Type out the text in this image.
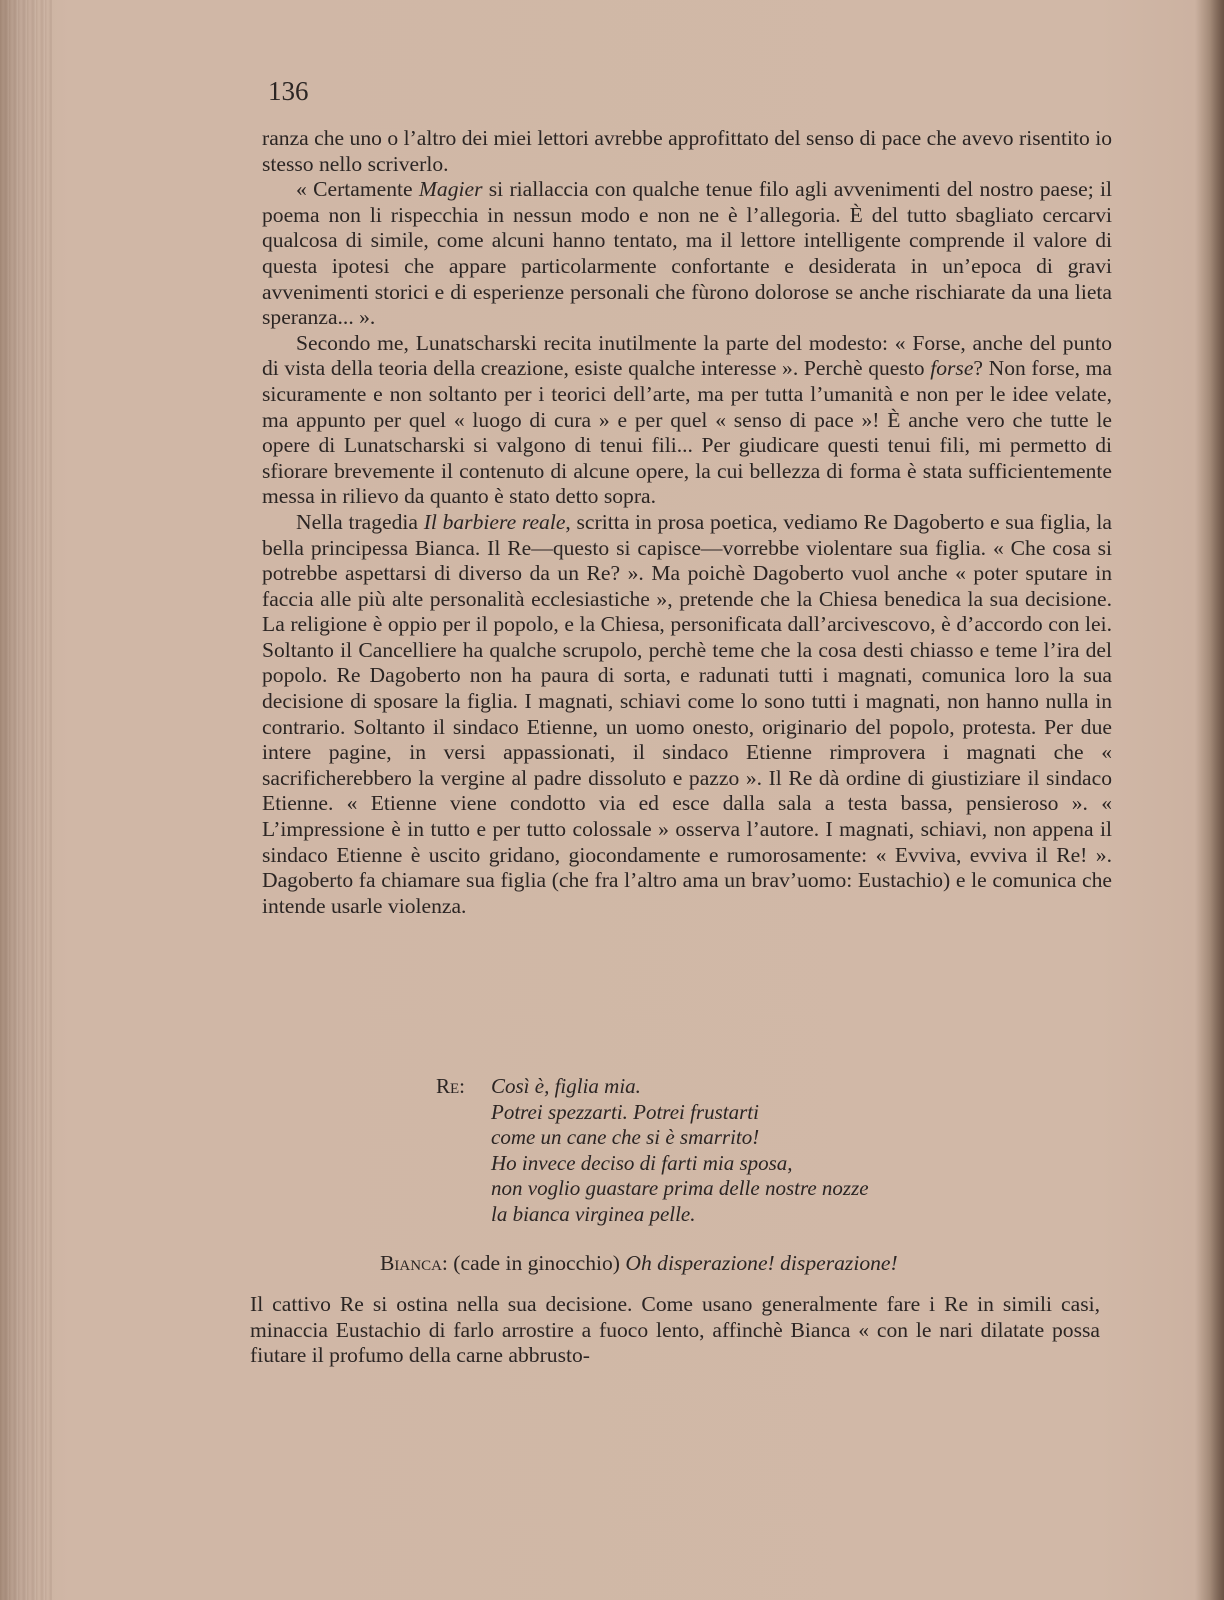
136

ranza che uno o l’altro dei miei lettori avrebbe approfittato del senso di pace che avevo risentito io stesso nello scriverlo.

« Certamente Magier si riallaccia con qualche tenue filo agli avvenimenti del nostro paese; il poema non li rispecchia in nessun modo e non ne è l’allegoria. È del tutto sbagliato cercarvi qualcosa di simile, come alcuni hanno tentato, ma il lettore intelligente comprende il valore di questa ipotesi che appare particolarmente confortante e desiderata in un’epoca di gravi avvenimenti storici e di esperienze personali che fùrono dolorose se anche rischiarate da una lieta speranza... ».

Secondo me, Lunatscharski recita inutilmente la parte del modesto: « Forse, anche del punto di vista della teoria della creazione, esiste qualche interesse ». Perchè questo forse? Non forse, ma sicuramente e non soltanto per i teorici dell’arte, ma per tutta l’umanità e non per le idee velate, ma appunto per quel « luogo di cura » e per quel « senso di pace »! È anche vero che tutte le opere di Lunatscharski si valgono di tenui fili... Per giudicare questi tenui fili, mi permetto di sfiorare brevemente il contenuto di alcune opere, la cui bellezza di forma è stata sufficientemente messa in rilievo da quanto è stato detto sopra.

Nella tragedia Il barbiere reale, scritta in prosa poetica, vediamo Re Dagoberto e sua figlia, la bella principessa Bianca. Il Re—questo si capisce—vorrebbe violentare sua figlia. « Che cosa si potrebbe aspettarsi di diverso da un Re? ». Ma poichè Dagoberto vuol anche « poter sputare in faccia alle più alte personalità ecclesiastiche », pretende che la Chiesa benedica la sua decisione. La religione è oppio per il popolo, e la Chiesa, personificata dall’arcivescovo, è d’accordo con lei. Soltanto il Cancelliere ha qualche scrupolo, perchè teme che la cosa desti chiasso e teme l’ira del popolo. Re Dagoberto non ha paura di sorta, e radunati tutti i magnati, comunica loro la sua decisione di sposare la figlia. I magnati, schiavi come lo sono tutti i magnati, non hanno nulla in contrario. Soltanto il sindaco Etienne, un uomo onesto, originario del popolo, protesta. Per due intere pagine, in versi appassionati, il sindaco Etienne rimprovera i magnati che « sacrificherebbero la vergine al padre dissoluto e pazzo ». Il Re dà ordine di giustiziare il sindaco Etienne. « Etienne viene condotto via ed esce dalla sala a testa bassa, pensieroso ». « L’impressione è in tutto e per tutto colossale » osserva l’autore. I magnati, schiavi, non appena il sindaco Etienne è uscito gridano, giocondamente e rumorosamente: « Evviva, evviva il Re! ». Dagoberto fa chiamare sua figlia (che fra l’altro ama un brav’uomo: Eustachio) e le comunica che intende usarle violenza.

Re: Così è, figlia mia.
Potrei spezzarti. Potrei frustarti
come un cane che si è smarrito!
Ho invece deciso di farti mia sposa,
non voglio guastare prima delle nostre nozze
la bianca virginea pelle.
Bianca: (cade in ginocchio) Oh disperazione! disperazione!

Il cattivo Re si ostina nella sua decisione. Come usano generalmente fare i Re in simili casi, minaccia Eustachio di farlo arrostire a fuoco lento, affinchè Bianca « con le nari dilatate possa fiutare il profumo della carne abbrusto-
